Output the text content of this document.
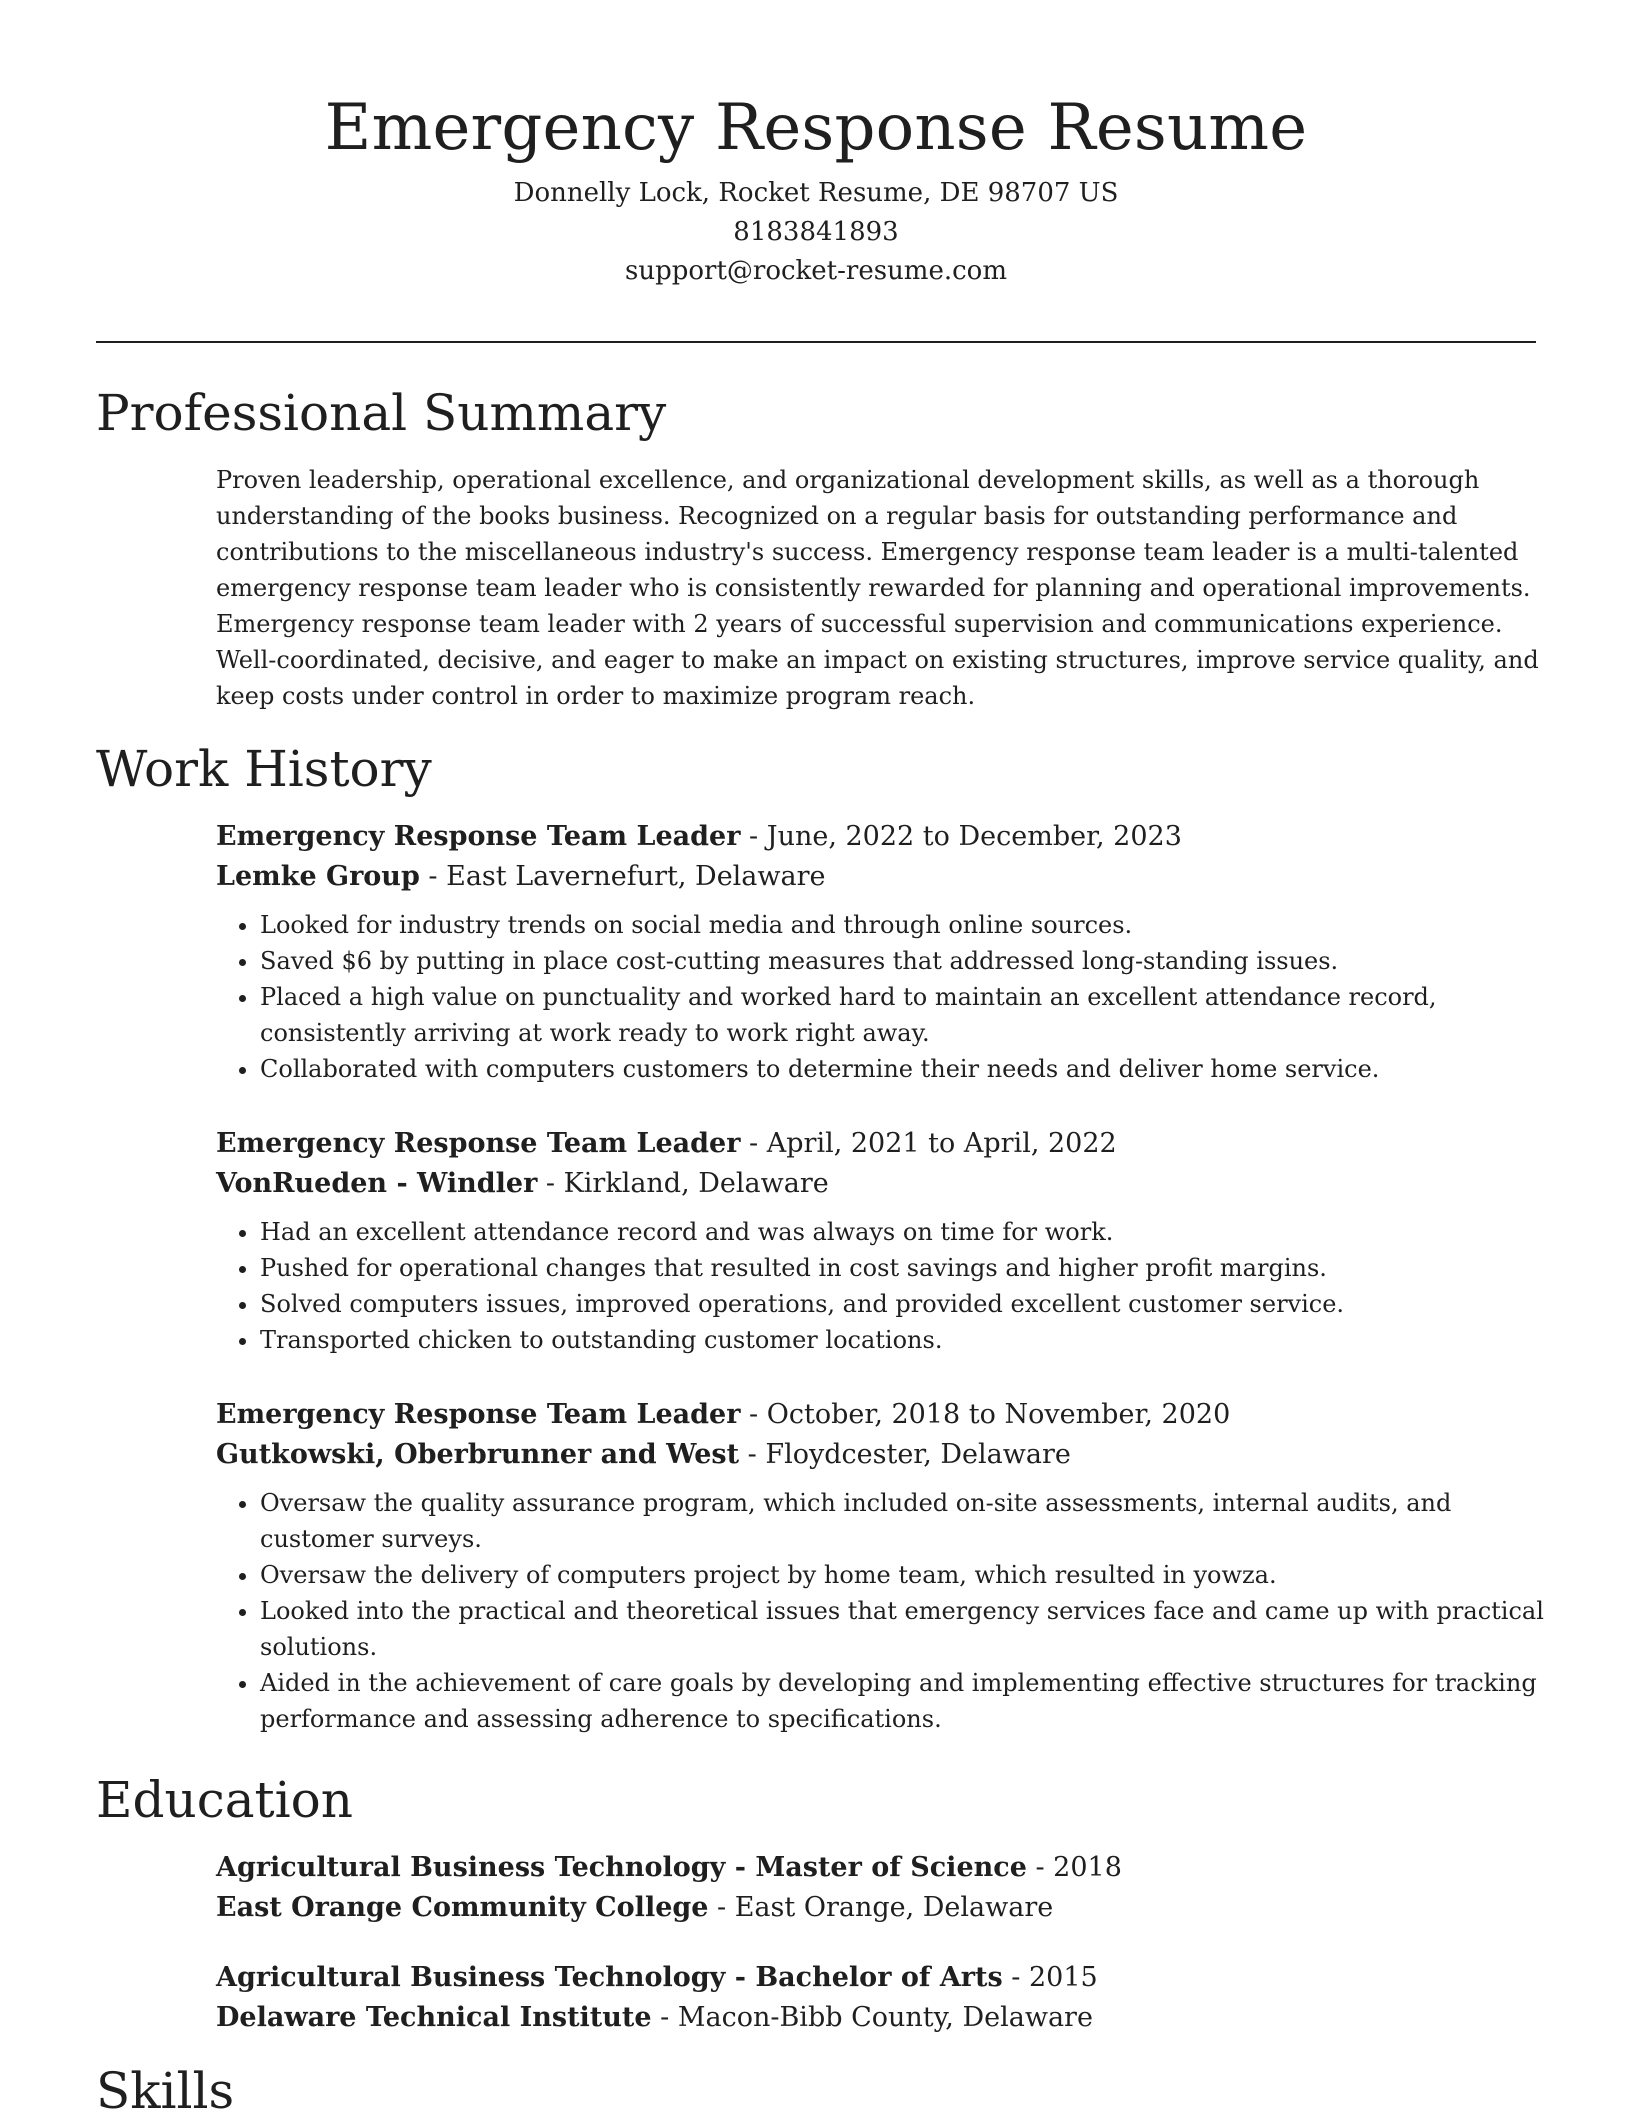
Emergency Response Resume

Donnelly Lock, Rocket Resume, DE 98707 US

8183841893

support@rocket-resume.com

Professional Summary

Proven leadership, operational excellence, and organizational development skills, as well as a thorough understanding of the books business. Recognized on a regular basis for outstanding performance and contributions to the miscellaneous industry's success. Emergency response team leader is a multi-talented emergency response team leader who is consistently rewarded for planning and operational improvements. Emergency response team leader with 2 years of successful supervision and communications experience. Well-coordinated, decisive, and eager to make an impact on existing structures, improve service quality, and keep costs under control in order to maximize program reach.

Work History

Emergency Response Team Leader - June, 2022 to December, 2023

Lemke Group - East Lavernefurt, Delaware

• Looked for industry trends on social media and through online sources.
• Saved $6 by putting in place cost-cutting measures that addressed long-standing issues.
• Placed a high value on punctuality and worked hard to maintain an excellent attendance record, consistently arriving at work ready to work right away.
• Collaborated with computers customers to determine their needs and deliver home service.

Emergency Response Team Leader - April, 2021 to April, 2022

VonRueden - Windler - Kirkland, Delaware

• Had an excellent attendance record and was always on time for work.
• Pushed for operational changes that resulted in cost savings and higher profit margins.
• Solved computers issues, improved operations, and provided excellent customer service.
• Transported chicken to outstanding customer locations.

Emergency Response Team Leader - October, 2018 to November, 2020

Gutkowski, Oberbrunner and West - Floydcester, Delaware

• Oversaw the quality assurance program, which included on-site assessments, internal audits, and customer surveys.
• Oversaw the delivery of computers project by home team, which resulted in yowza.
• Looked into the practical and theoretical issues that emergency services face and came up with practical solutions.
• Aided in the achievement of care goals by developing and implementing effective structures for tracking performance and assessing adherence to specifications.
Education

Agricultural Business Technology - Master of Science - 2018

East Orange Community College - East Orange, Delaware

Agricultural Business Technology - Bachelor of Arts - 2015

Delaware Technical Institute - Macon-Bibb County, Delaware

Skills
